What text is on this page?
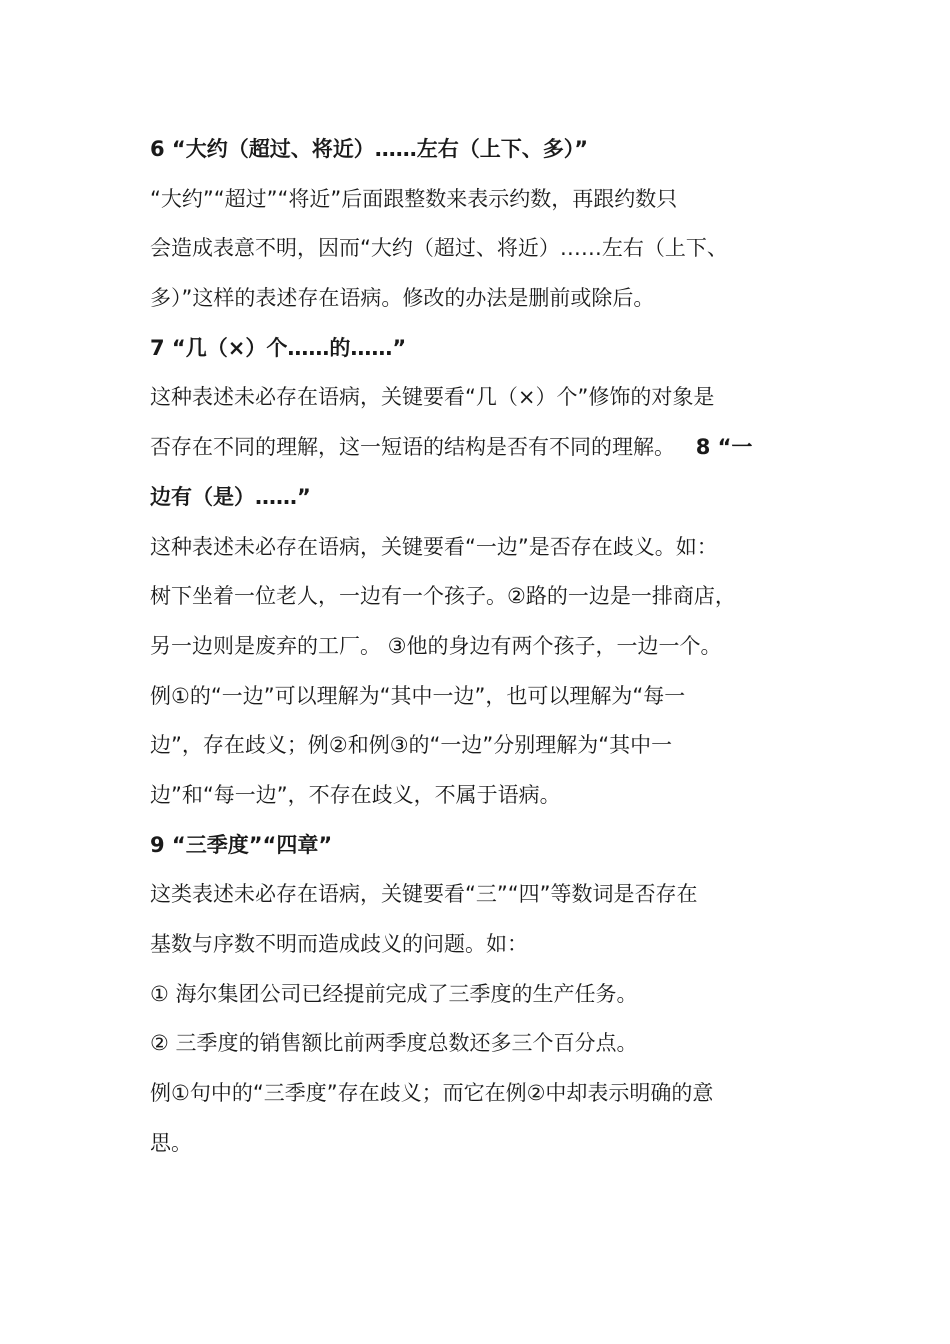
6 “大约（超过、将近）……左右（上下、多）”
“大约”“超过”“将近”后面跟整数来表示约数，再跟约数只
会造成表意不明，因而“大约（超过、将近）……左右（上下、
多）”这样的表述存在语病。修改的办法是删前或除后。
7 “几（×）个……的……”
这种表述未必存在语病，关键要看“几（×）个”修饰的对象是
否存在不同的理解，这一短语的结构是否有不同的理解。 8 “一
边有（是）……”
这种表述未必存在语病，关键要看“一边”是否存在歧义。如：
树下坐着一位老人，一边有一个孩子。②路的一边是一排商店，
另一边则是废弃的工厂。 ③他的身边有两个孩子，一边一个。
例①的“一边”可以理解为“其中一边”，也可以理解为“每一
边”，存在歧义；例②和例③的“一边”分别理解为“其中一
边”和“每一边”，不存在歧义，不属于语病。
9 “三季度”“四章”
这类表述未必存在语病，关键要看“三”“四”等数词是否存在
基数与序数不明而造成歧义的问题。如：
① 海尔集团公司已经提前完成了三季度的生产任务。
② 三季度的销售额比前两季度总数还多三个百分点。
例①句中的“三季度”存在歧义；而它在例②中却表示明确的意
思。
